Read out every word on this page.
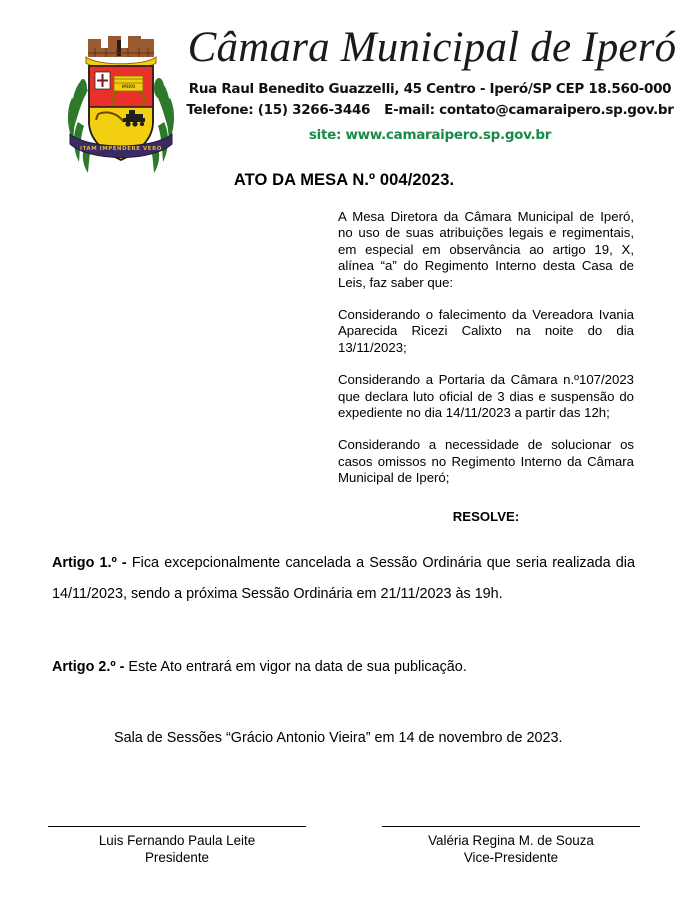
IPERÓ
ITAM IMPENDERE VERO
Câmara Municipal de Iperó
Rua Raul Benedito Guazzelli, 45 Centro - Iperó/SP CEP 18.560-000
Telefone: (15) 3266-3446 E-mail: contato@camaraipero.sp.gov.br
site: www.camaraipero.sp.gov.br
ATO DA MESA N.º 004/2023.

A Mesa Diretora da Câmara Municipal de Iperó, no uso de suas atribuições legais e regimentais, em especial em observância ao artigo 19, X, alínea “a” do Regimento Interno desta Casa de Leis, faz saber que:

Considerando o falecimento da Vereadora Ivania Aparecida Ricezi Calixto na noite do dia 13/11/2023;

Considerando a Portaria da Câmara n.º107/2023 que declara luto oficial de 3 dias e suspensão do expediente no dia 14/11/2023 a partir das 12h;

Considerando a necessidade de solucionar os casos omissos no Regimento Interno da Câmara Municipal de Iperó;

RESOLVE:

Artigo 1.º - Fica excepcionalmente cancelada a Sessão Ordinária que seria realizada dia 14/11/2023, sendo a próxima Sessão Ordinária em 21/11/2023 às 19h.

Artigo 2.º - Este Ato entrará em vigor na data de sua publicação.

Sala de Sessões “Grácio Antonio Vieira” em 14 de novembro de 2023.

Luis Fernando Paula Leite
Presidente
Valéria Regina M. de Souza
Vice-Presidente
